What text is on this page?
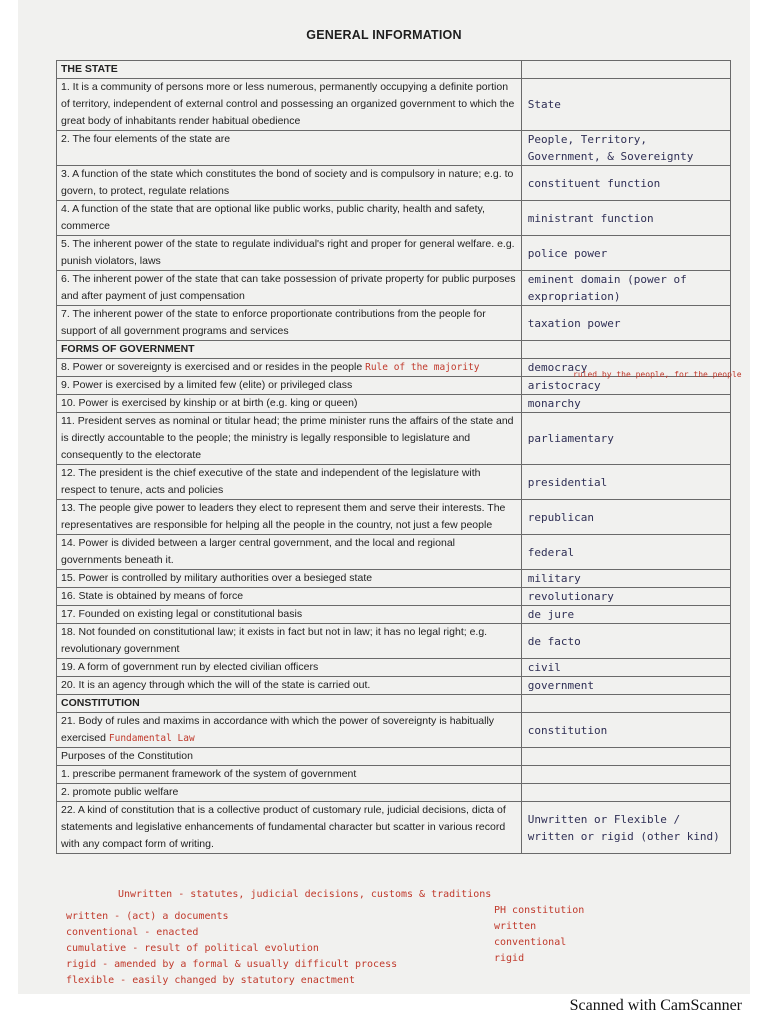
GENERAL INFORMATION
THE STATE	
1. It is a community of persons more or less numerous, permanently occupying a definite portion of territory, independent of external control and possessing an organized government to which the great body of inhabitants render habitual obedience	State
2. The four elements of the state are	People, Territory, Government, & Sovereignty
3. A function of the state which constitutes the bond of society and is compulsory in nature; e.g. to govern, to protect, regulate relations	constituent function
4. A function of the state that are optional like public works, public charity, health and safety, commerce	ministrant function
5. The inherent power of the state to regulate individual's right and proper for general welfare. e.g. punish violators, laws	police power
6. The inherent power of the state that can take possession of private property for public purposes and after payment of just compensation	eminent domain (power of expropriation)
7. The inherent power of the state to enforce proportionate contributions from the people for support of all government programs and services	taxation power
FORMS OF GOVERNMENT	
8. Power or sovereignty is exercised and or resides in the people Rule of the majority	democracy
9. Power is exercised by a limited few (elite) or privileged class	aristocracy
10. Power is exercised by kinship or at birth (e.g. king or queen)	monarchy
11. President serves as nominal or titular head; the prime minister runs the affairs of the state and is directly accountable to the people; the ministry is legally responsible to legislature and consequently to the electorate	parliamentary
12. The president is the chief executive of the state and independent of the legislature with respect to tenure, acts and policies	presidential
13. The people give power to leaders they elect to represent them and serve their interests. The representatives are responsible for helping all the people in the country, not just a few people	republican
14. Power is divided between a larger central government, and the local and regional governments beneath it.	federal
15. Power is controlled by military authorities over a besieged state	military
16. State is obtained by means of force	revolutionary
17. Founded on existing legal or constitutional basis	de jure
18. Not founded on constitutional law; it exists in fact but not in law; it has no legal right; e.g. revolutionary government	de facto
19. A form of government run by elected civilian officers	civil
20. It is an agency through which the will of the state is carried out.	government
CONSTITUTION	
21. Body of rules and maxims in accordance with which the power of sovereignty is habitually exercised Fundamental Law	constitution
Purposes of the Constitution	
1. prescribe permanent framework of the system of government	
2. promote public welfare	
22. A kind of constitution that is a collective product of customary rule, judicial decisions, dicta of statements and legislative enhancements of fundamental character but scatter in various record with any compact form of writing.	Unwritten or Flexible / written or rigid (other kind)
Unwritten - statutes, judicial decisions, customs & traditions
ruled by the people, for the people
written - (act) a documents
conventional - enacted
cumulative - result of political evolution
rigid - amended by a formal & usually difficult process
flexible - easily changed by statutory enactment
PH constitution
written
conventional
rigid
Scanned with CamScanner
